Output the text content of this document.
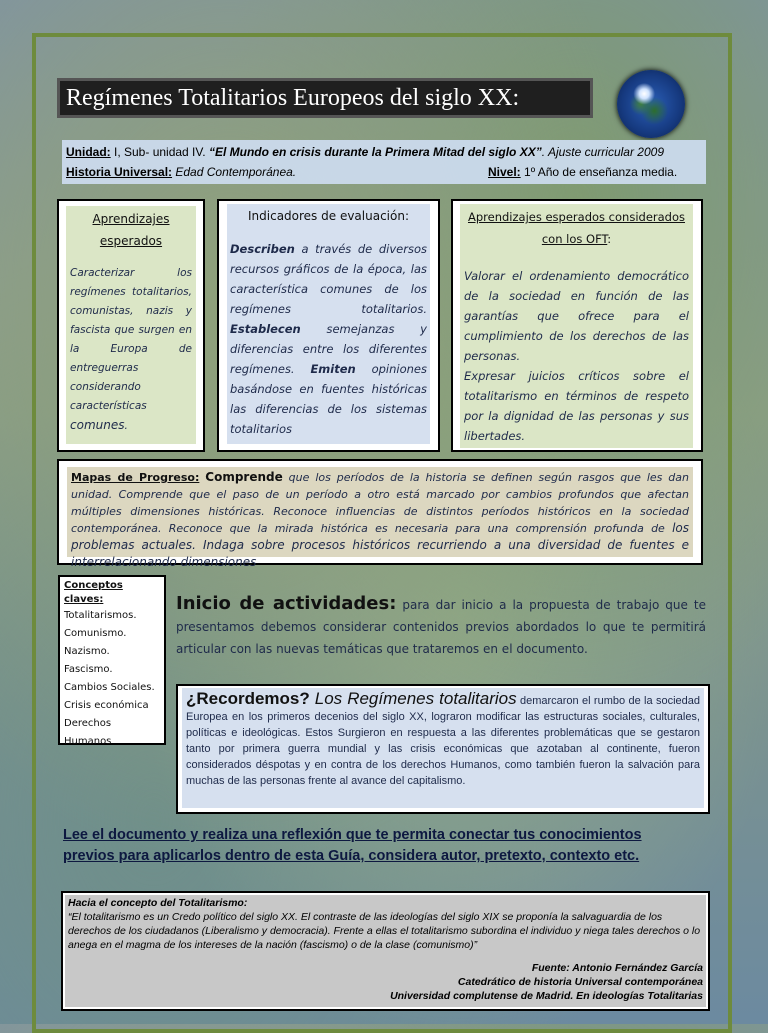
Regímenes Totalitarios Europeos del siglo XX:
Unidad: I, Sub- unidad IV. “El Mundo en crisis durante la Primera Mitad del siglo XX”. Ajuste curricular 2009
Historia Universal: Edad Contemporánea.	Nivel: 1º Año de enseñanza media.
Aprendizajes esperados
Caracterizar los regímenes totalitarios, comunistas, nazis y fascista que surgen en la Europa de entreguerras considerando características comunes.
Indicadores de evaluación:
Describen a través de diversos recursos gráficos de la época, las característica comunes de los regímenes totalitarios. Establecen semejanzas y diferencias entre los diferentes regímenes. Emiten opiniones basándose en fuentes históricas las diferencias de los sistemas totalitarios
Aprendizajes esperados considerados con los OFT:
Valorar el ordenamiento democrático de la sociedad en función de las garantías que ofrece para el cumplimiento de los derechos de las personas.
Expresar juicios críticos sobre el totalitarismo en términos de respeto por la dignidad de las personas y sus libertades.
Mapas de Progreso: Comprende que los períodos de la historia se definen según rasgos que les dan unidad. Comprende que el paso de un período a otro está marcado por cambios profundos que afectan múltiples dimensiones históricas. Reconoce influencias de distintos períodos históricos en la sociedad contemporánea. Reconoce que la mirada histórica es necesaria para una comprensión profunda de los problemas actuales. Indaga sobre procesos históricos recurriendo a una diversidad de fuentes e interrelacionando dimensiones
Conceptos claves:
Totalitarismos.
Comunismo.
Nazismo.
Fascismo.
Cambios Sociales.
Crisis económica
Derechos
Humanos
Inicio de actividades: para dar inicio a la propuesta de trabajo que te presentamos debemos considerar contenidos previos abordados lo que te permitirá articular con las nuevas temáticas que trataremos en el documento.
¿Recordemos? Los Regímenes totalitarios demarcaron el rumbo de la sociedad Europea en los primeros decenios del siglo XX, lograron modificar las estructuras sociales, culturales, políticas e ideológicas. Estos Surgieron en respuesta a las diferentes problemáticas que se gestaron tanto por primera guerra mundial y las crisis económicas que azotaban al continente, fueron considerados déspotas y en contra de los derechos Humanos, como también fueron la salvación para muchas de las personas frente al avance del capitalismo.
Lee el documento y realiza una reflexión que te permita conectar tus conocimientos
previos para aplicarlos dentro de esta Guía, considera autor, pretexto, contexto etc.
Hacia el concepto del Totalitarismo:
“El totalitarismo es un Credo político del siglo XX. El contraste de las ideologías del siglo XIX se proponía la salvaguardia de los derechos de los ciudadanos (Liberalismo y democracia). Frente a ellas el totalitarismo subordina el individuo y niega tales derechos o lo anega en el magma de los intereses de la nación (fascismo) o de la clase (comunismo)”
Fuente: Antonio Fernández García
Catedrático de historia Universal contemporánea
Universidad complutense de Madrid. En ideologías Totalitarias
